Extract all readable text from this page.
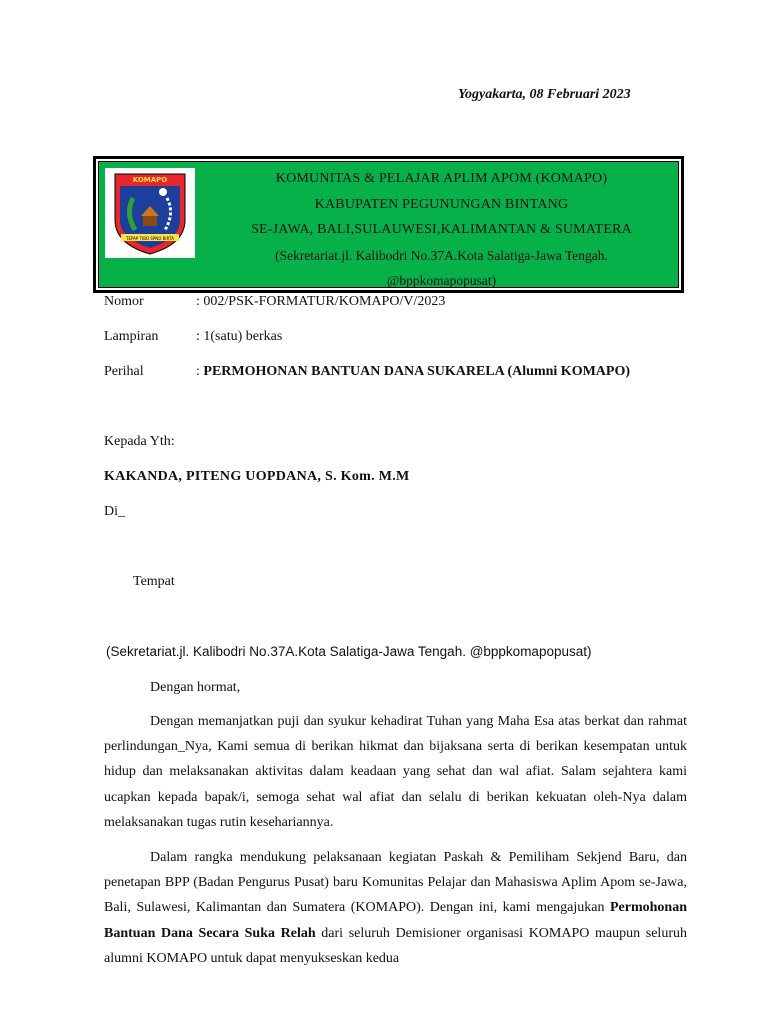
Yogyakarta, 08 Februari 2023
KOMAPO
TEPAP TIBO SPNO BIRTA
KOMUNITAS & PELAJAR APLIM APOM (KOMAPO)
KABUPATEN PEGUNUNGAN BINTANG
SE-JAWA, BALI,SULAUWESI,KALIMANTAN & SUMATERA
(Sekretariat.jl. Kalibodri No.37A.Kota Salatiga-Jawa Tengah.
@bppkomapopusat)
Nomor	: 002/PSK-FORMATUR/KOMAPO/V/2023
Lampiran	: 1(satu) berkas
Perihal	: PERMOHONAN BANTUAN DANA SUKARELA (Alumni KOMAPO)
Kepada Yth:
KAKANDA, PITENG UOPDANA, S. Kom. M.M
Di_
Tempat
(Sekretariat.jl. Kalibodri No.37A.Kota Salatiga-Jawa Tengah. @bppkomapopusat)
Dengan hormat,
Dengan memanjatkan puji dan syukur kehadirat Tuhan yang Maha Esa atas berkat dan rahmat perlindungan_Nya, Kami semua di berikan hikmat dan bijaksana serta di berikan kesempatan untuk hidup dan melaksanakan aktivitas dalam keadaan yang sehat dan wal afiat. Salam sejahtera kami ucapkan kepada bapak/i, semoga sehat wal afiat dan selalu di berikan kekuatan oleh-Nya dalam melaksanakan tugas rutin kesehariannya.
Dalam rangka mendukung pelaksanaan kegiatan Paskah & Pemiliham Sekjend Baru, dan penetapan BPP (Badan Pengurus Pusat) baru Komunitas Pelajar dan Mahasiswa Aplim Apom se-Jawa, Bali, Sulawesi, Kalimantan dan Sumatera (KOMAPO). Dengan ini, kami mengajukan Permohonan Bantuan Dana Secara Suka Relah dari seluruh Demisioner organisasi KOMAPO maupun seluruh alumni KOMAPO untuk dapat menyukseskan kedua
